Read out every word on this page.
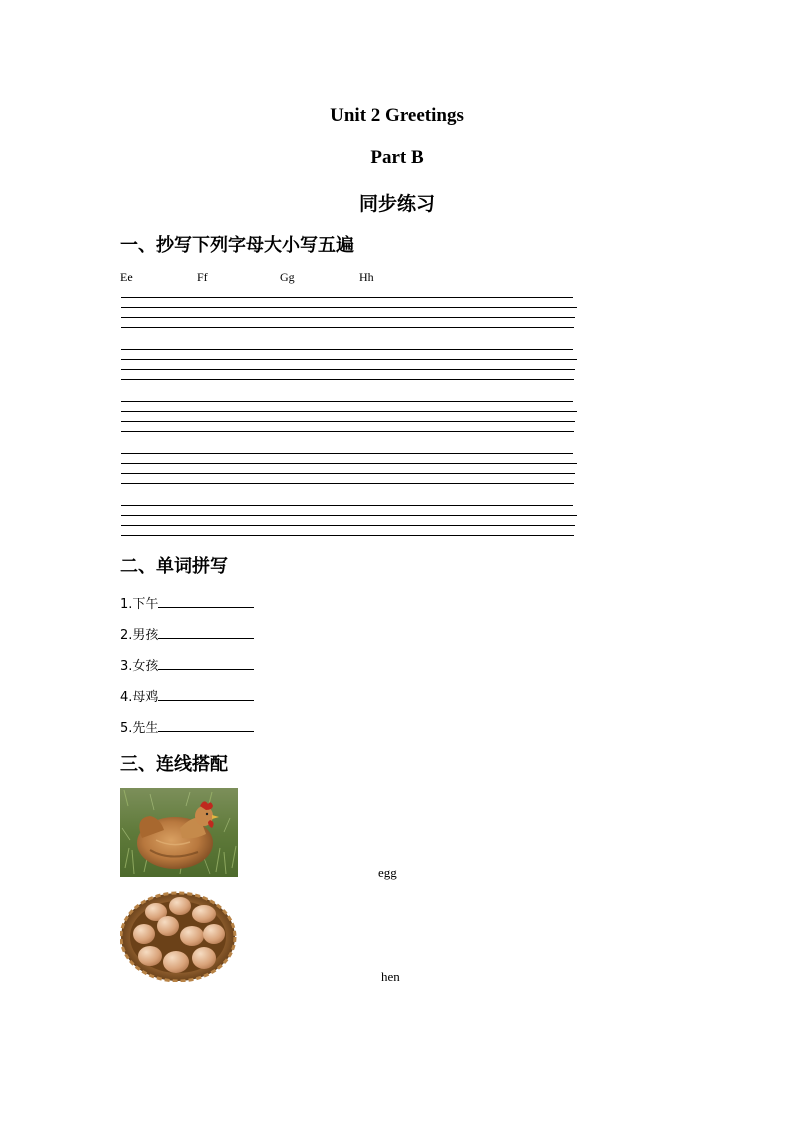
Unit 2 Greetings
Part B
同步练习
一、抄写下列字母大小写五遍
Ee	Ff	Gg	Hh
二、单词拼写
1.下午
2.男孩
3.女孩
4.母鸡
5.先生
三、连线搭配
egg
hen
